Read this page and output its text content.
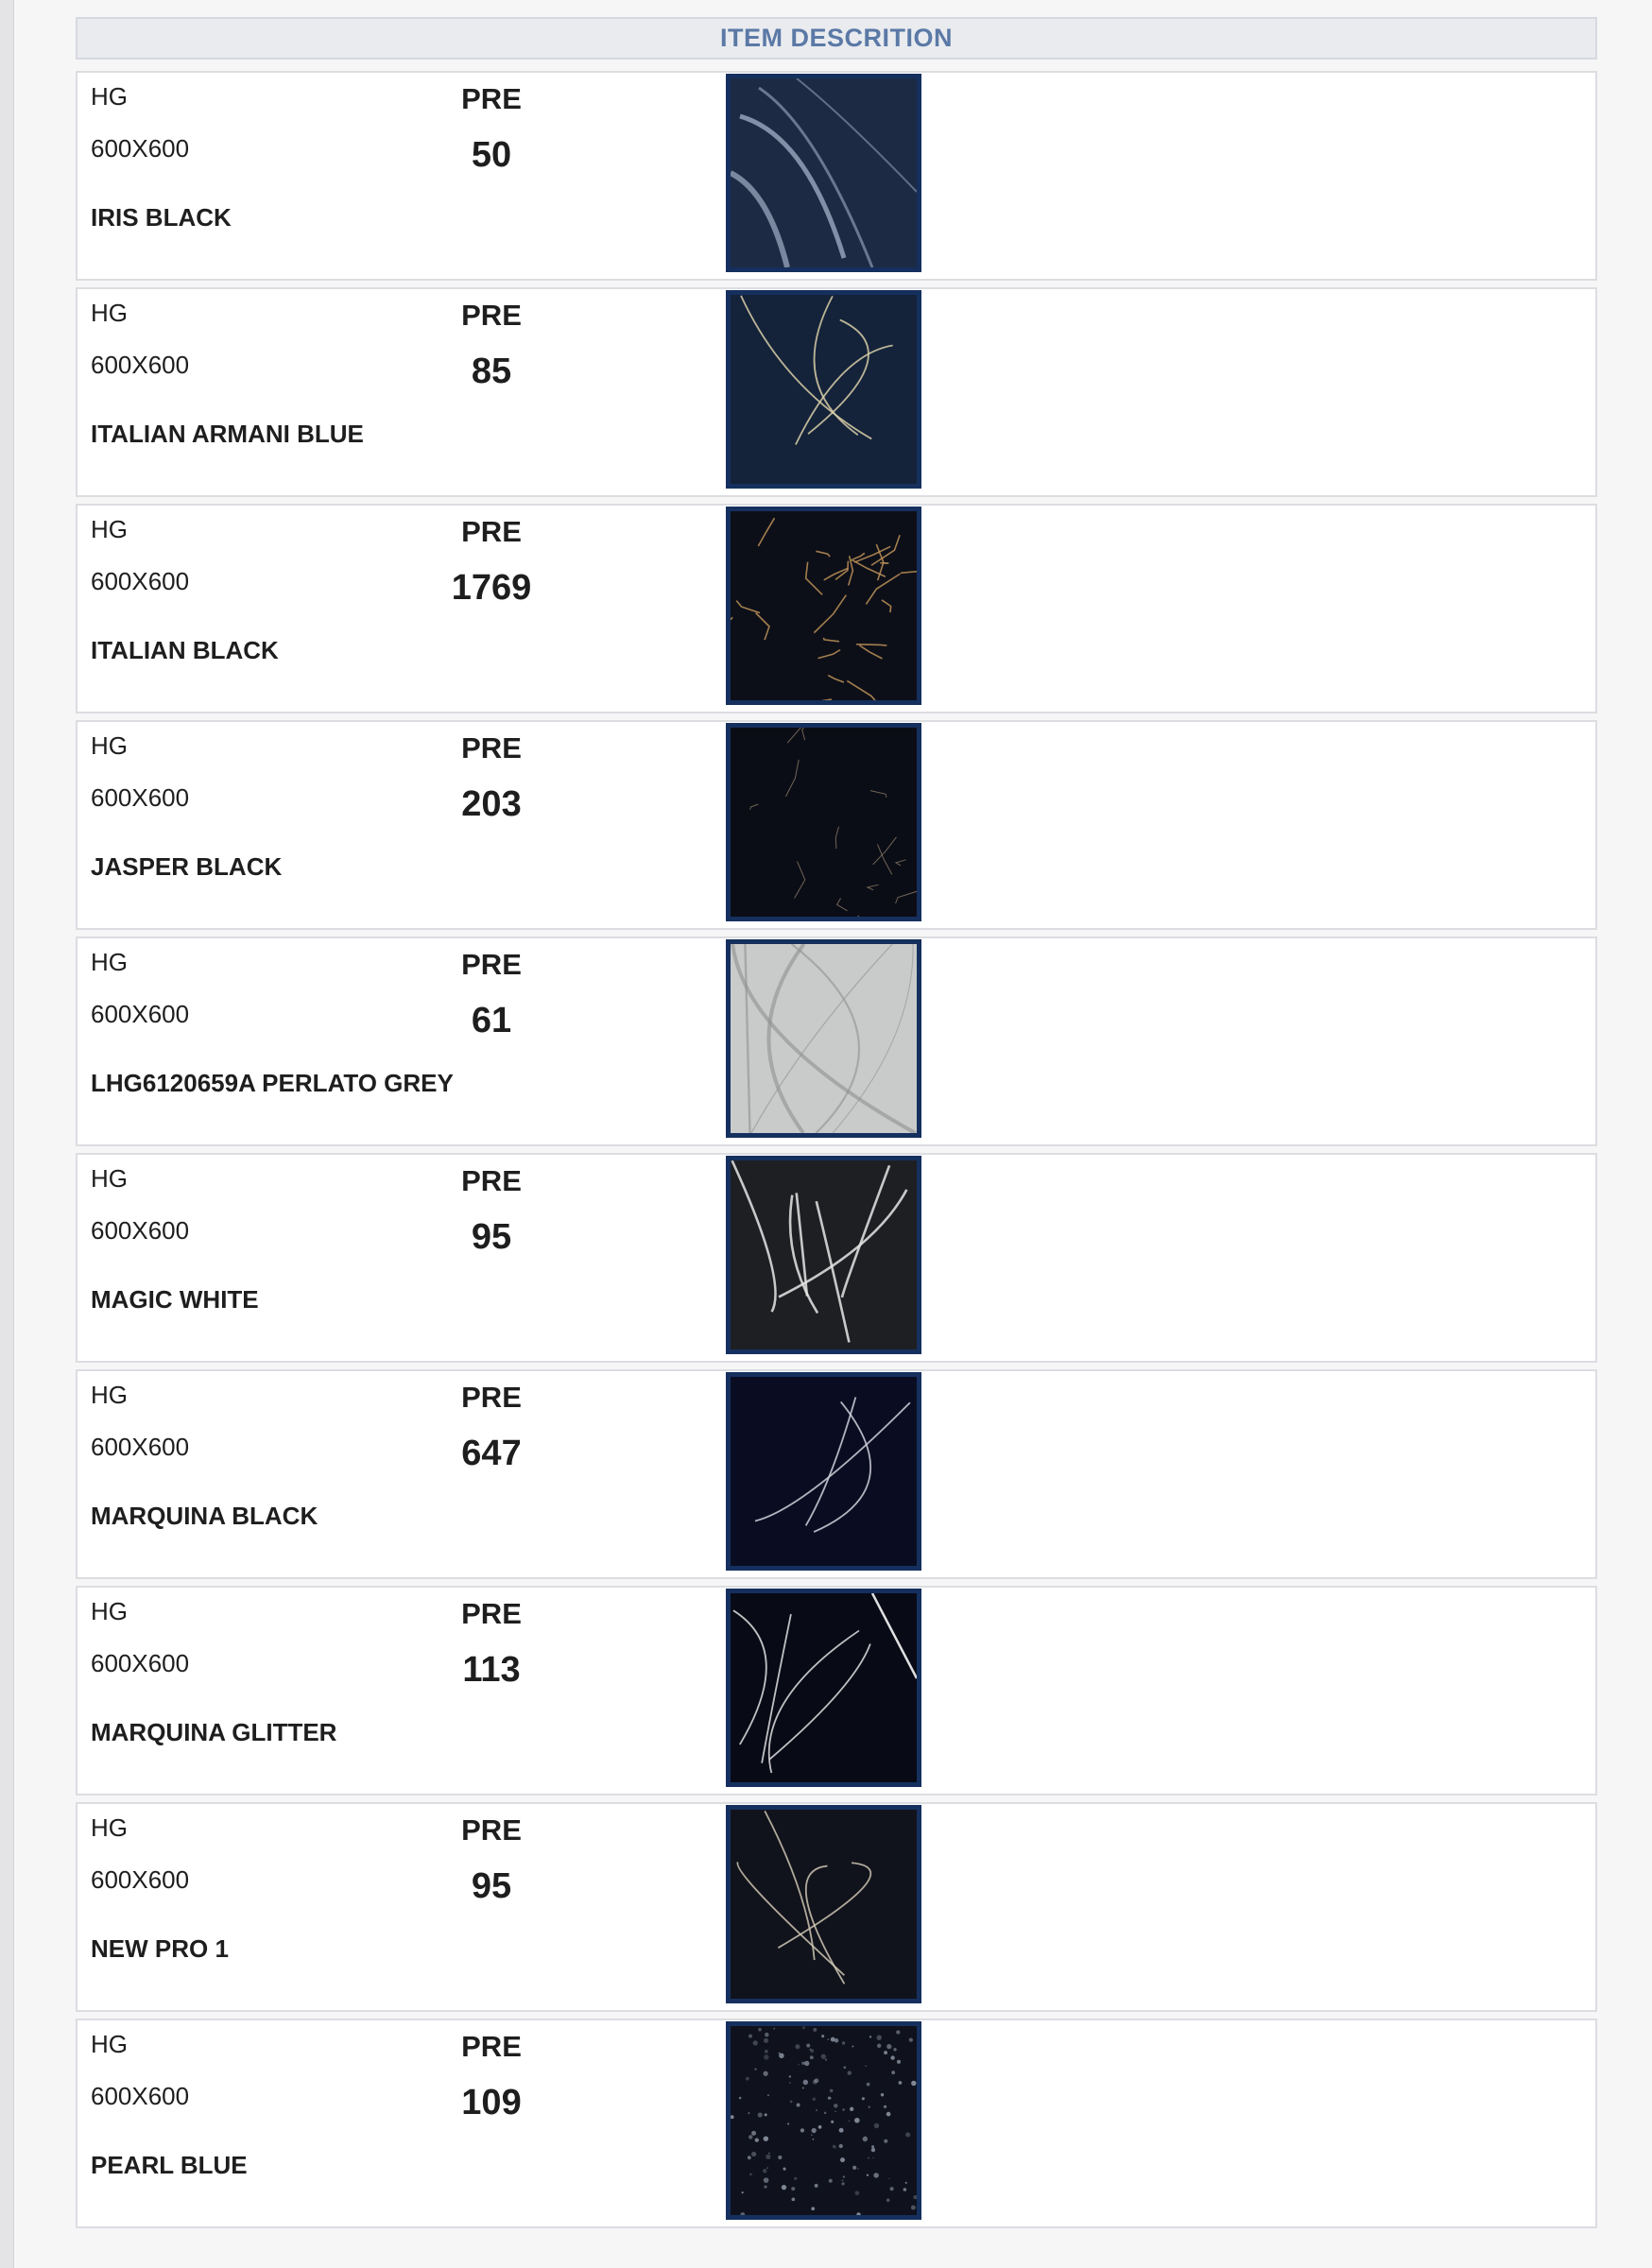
ITEM DESCRITION
HG
600X600
IRIS BLACK
PRE
50
HG
600X600
ITALIAN ARMANI BLUE
PRE
85
HG
600X600
ITALIAN BLACK
PRE
1769
HG
600X600
JASPER BLACK
PRE
203
HG
600X600
LHG6120659A PERLATO GREY
PRE
61
HG
600X600
MAGIC WHITE
PRE
95
HG
600X600
MARQUINA BLACK
PRE
647
HG
600X600
MARQUINA GLITTER
PRE
113
HG
600X600
NEW PRO 1
PRE
95
HG
600X600
PEARL BLUE
PRE
109
